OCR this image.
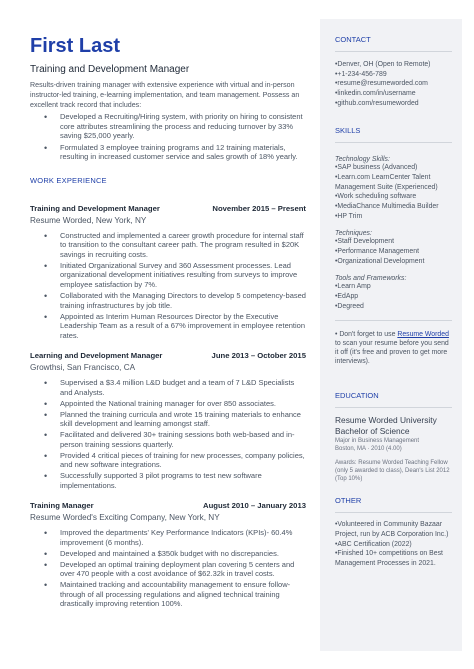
First Last
Training and Development Manager
Results-driven training manager with extensive experience with virtual and in-person instructor-led training, e-learning implementation, and team management. Possess an excellent track record that includes:
• Developed a Recruiting/Hiring system, with priority on hiring to consistent core attributes streamlining the process and reducing turnover by 33% saving $25,000 yearly.
• Formulated 3 employee training programs and 12 training materials, resulting in increased customer service and sales growth of 18% yearly.
WORK EXPERIENCE
Training and Development Manager	November 2015 – Present
Resume Worded, New York, NY
• Constructed and implemented a career growth procedure for internal staff to transition to the consultant career path. The program resulted in $20K savings in recruiting costs.
• Initiated Organizational Survey and 360 Assessment processes. Lead organizational development initiatives resulting from surveys to improve employee satisfaction by 7%.
• Collaborated with the Managing Directors to develop 5 competency-based training infrastructures by job title.
• Appointed as Interim Human Resources Director by the Executive Leadership Team as a result of a 67% improvement in employee retention rates.
Learning and Development Manager	June 2013 – October 2015
Growthsi, San Francisco, CA
• Supervised a $3.4 million L&D budget and a team of 7 L&D Specialists and Analysts.
• Appointed the National training manager for over 850 associates.
• Planned the training curricula and wrote 15 training materials to enhance skill development and learning amongst staff.
• Facilitated and delivered 30+ training sessions both web-based and in-person training sessions quarterly.
• Provided 4 critical pieces of training for new processes, company policies, and new software integrations.
• Successfully supported 3 pilot programs to test new software implementations.
Training Manager	August 2010 – January 2013
Resume Worded's Exciting Company, New York, NY
• Improved the departments' Key Performance Indicators (KPIs)- 60.4% improvement (6 months).
• Developed and maintained a $350k budget with no discrepancies.
• Developed an optimal training deployment plan covering 5 centers and over 470 people with a cost avoidance of $62.32k in travel costs.
• Maintained tracking and accountability management to ensure follow-through of all processing regulations and aligned technical training drastically improving retention 100%.
CONTACT
• Denver, OH (Open to Remote)
• +1-234-456-789
• resume@resumeworded.com
• linkedin.com/in/username
• github.com/resumeworded
SKILLS
Technology Skills:
• SAP business (Advanced)
• Learn.com LearnCenter Talent Management Suite (Experienced)
• Work scheduling software
• MediaChance Multimedia Builder
• HP Trim
Techniques:
• Staff Development
• Performance Management
• Organizational Development
Tools and Frameworks:
• Learn Amp
• EdApp
• Degreed
• Don't forget to use Resume Worded to scan your resume before you send it off (it's free and proven to get more interviews).
EDUCATION
Resume Worded University
Bachelor of Science
Major in Business Management
Boston, MA · 2010 (4.00)
Awards: Resume Worded Teaching Fellow (only 5 awarded to class), Dean's List 2012 (Top 10%)
OTHER
• Volunteered in Community Bazaar Project, run by ACB Corporation Inc.)
• ABC Certification (2022)
• Finished 10+ competitions on Best Management Processes in 2021.
